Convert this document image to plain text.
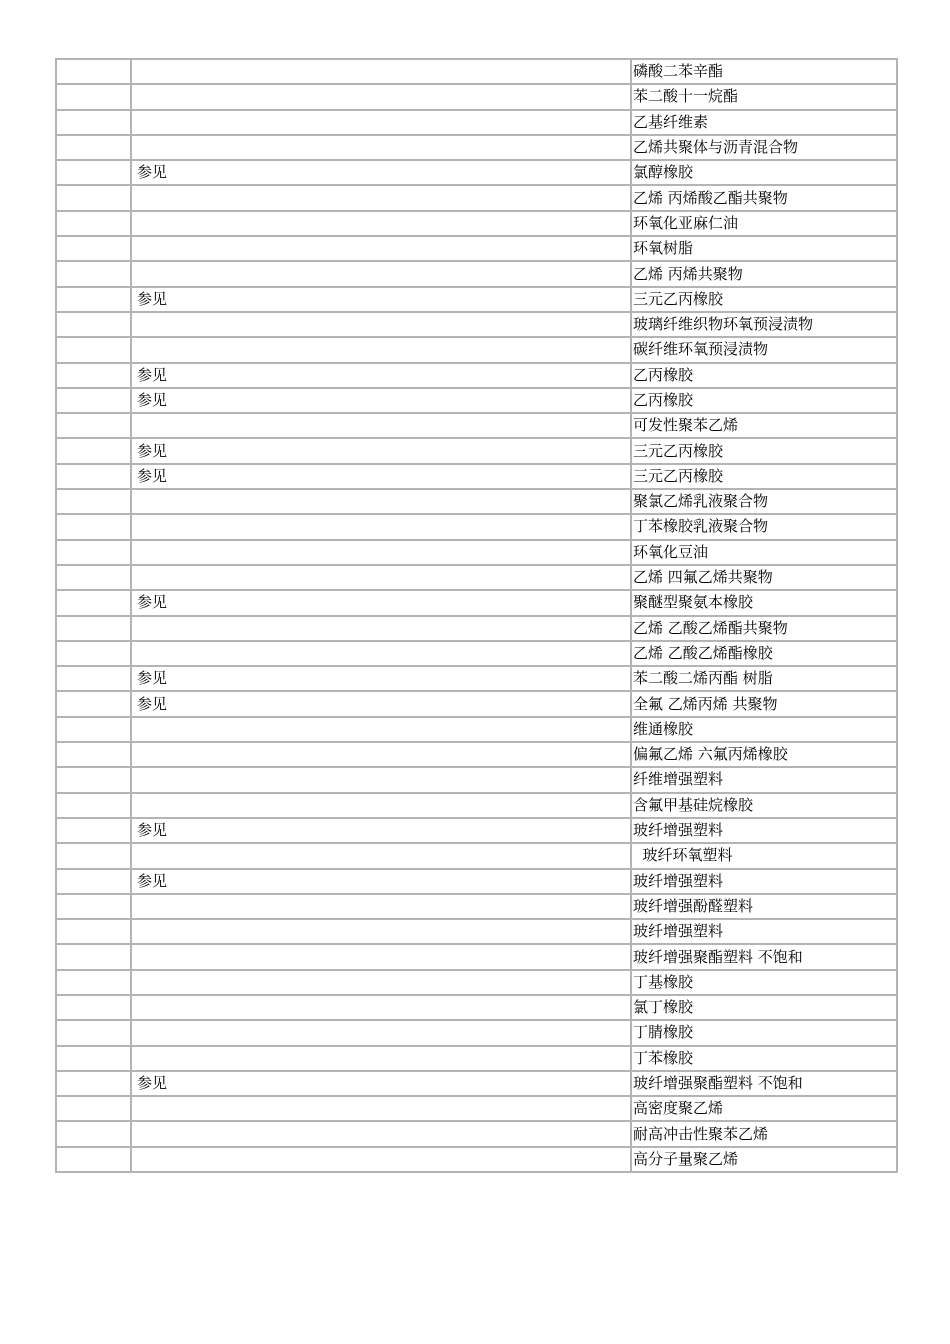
		磷酸二苯辛酯
		苯二酸十一烷酯
		乙基纤维素
		乙烯共聚体与沥青混合物
	参见	氯醇橡胶
		乙烯 丙烯酸乙酯共聚物
		环氧化亚麻仁油
		环氧树脂
		乙烯 丙烯共聚物
	参见	三元乙丙橡胶
		玻璃纤维织物环氧预浸渍物
		碳纤维环氧预浸渍物
	参见	乙丙橡胶
	参见	乙丙橡胶
		可发性聚苯乙烯
	参见	三元乙丙橡胶
	参见	三元乙丙橡胶
		聚氯乙烯乳液聚合物
		丁苯橡胶乳液聚合物
		环氧化豆油
		乙烯 四氟乙烯共聚物
	参见	聚醚型聚氨本橡胶
		乙烯 乙酸乙烯酯共聚物
		乙烯 乙酸乙烯酯橡胶
	参见	苯二酸二烯丙酯 树脂
	参见	全氟 乙烯丙烯 共聚物
		维通橡胶
		偏氟乙烯 六氟丙烯橡胶
		纤维增强塑料
		含氟甲基硅烷橡胶
	参见	玻纤增强塑料
		玻纤环氧塑料
	参见	玻纤增强塑料
		玻纤增强酚醛塑料
		玻纤增强塑料
		玻纤增强聚酯塑料 不饱和
		丁基橡胶
		氯丁橡胶
		丁腈橡胶
		丁苯橡胶
	参见	玻纤增强聚酯塑料 不饱和
		高密度聚乙烯
		耐高冲击性聚苯乙烯
		高分子量聚乙烯
